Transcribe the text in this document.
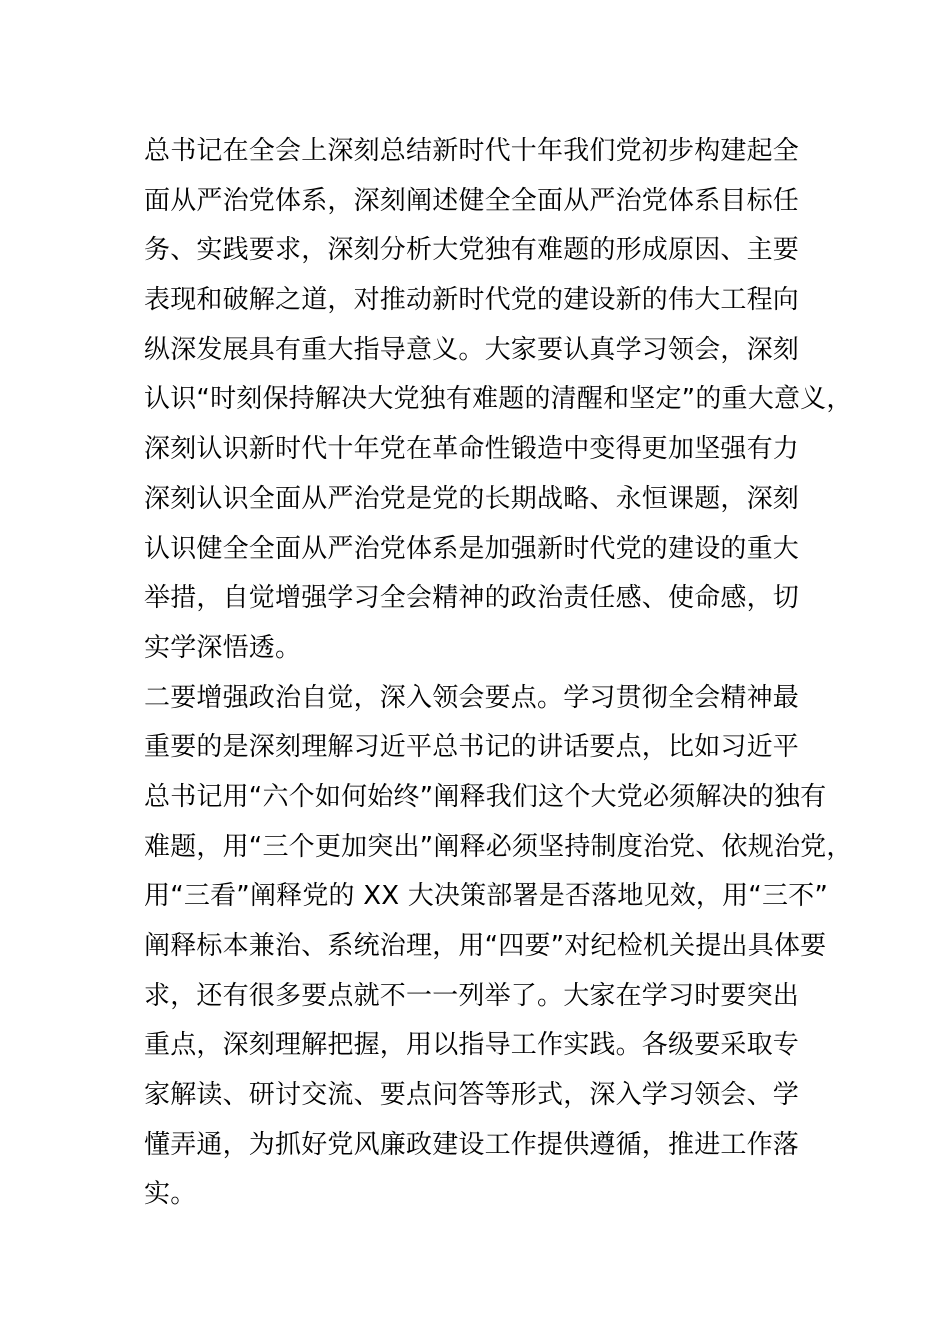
总书记在全会上深刻总结新时代十年我们党初步构建起全
面从严治党体系，深刻阐述健全全面从严治党体系目标任
务、实践要求，深刻分析大党独有难题的形成原因、主要
表现和破解之道，对推动新时代党的建设新的伟大工程向
纵深发展具有重大指导意义。大家要认真学习领会，深刻
认识“时刻保持解决大党独有难题的清醒和坚定”的重大意义，
深刻认识新时代十年党在革命性锻造中变得更加坚强有力
深刻认识全面从严治党是党的长期战略、永恒课题，深刻
认识健全全面从严治党体系是加强新时代党的建设的重大
举措，自觉增强学习全会精神的政治责任感、使命感，切
实学深悟透。
二要增强政治自觉，深入领会要点。学习贯彻全会精神最
重要的是深刻理解习近平总书记的讲话要点，比如习近平
总书记用“六个如何始终”阐释我们这个大党必须解决的独有
难题，用“三个更加突出”阐释必须坚持制度治党、依规治党，
用“三看”阐释党的 XX 大决策部署是否落地见效，用“三不”
阐释标本兼治、系统治理，用“四要”对纪检机关提出具体要
求，还有很多要点就不一一列举了。大家在学习时要突出
重点，深刻理解把握，用以指导工作实践。各级要采取专
家解读、研讨交流、要点问答等形式，深入学习领会、学
懂弄通，为抓好党风廉政建设工作提供遵循，推进工作落
实。
